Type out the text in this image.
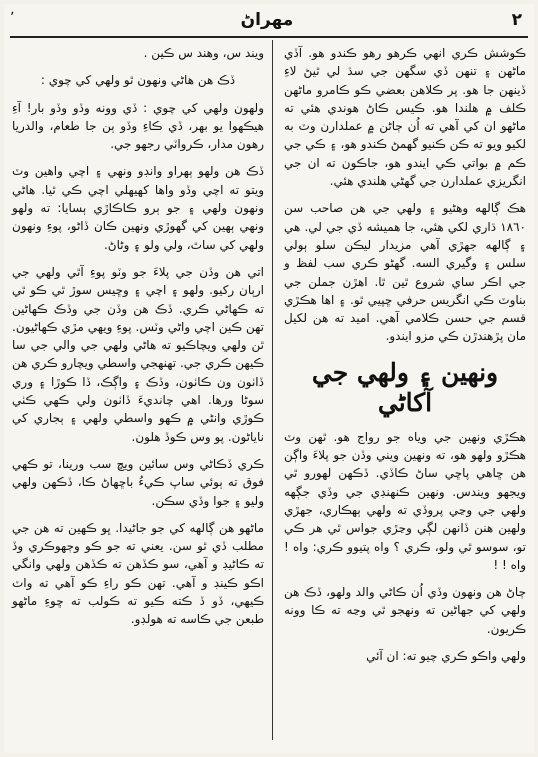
٬	مهراڻ	٢

ڪوشش ڪري انهي ڪرهو رهو ڪندو هو. آڏي ماڻهن ۽ تنهن ڏي سگهن جي سڌ لي ٿيڻ لاءِ ڏينهن جا هو. پر ڪلاهن بعضي ڪو ڪامرو ماڻهن ڪلف ۾ هلندا هو. ڪيس ڪاڻ هوندي هئي ته ماڻهو ان کي آهي ته اُن ڄاڻن ۾ عملدارن وٽ به لکيو ويو ته ڪن ڪنيو گهمڻ ڪندو هو، ۽ ڪي جي ڪم ۾ بواتي ڪي ايندو هو، جاڪون ته ان جي انگريزي عملدارن جي گهڻي هلندي هئي.

هڪ ڳالهه وهڻيو ۽ ولهي جي هن صاحب سن ١٨٦٠ ڌاري لکي هئي، جا هميشه ڏي جي لي. هي ۽ ڳالهه جهڙي آهي مزيدار ليڪن سلو ٻولي سلس ۽ وگيري السه. گهڻو ڪري سب لفظ و جي اڪر ساي شروع ٿين ٿا. اهڙن جملن جي بناوٽ ڪي انگريس حرفي ڇپيي ٿو. ۽ اها هڪڙي قسم جي حسن ڪلامي آهي. اميد ته هن لکيل مان پڙهندڙن ڪي مزو ايندو.

ونهين ۽ ولهي جي آکاڻي

هڪڙي ونهين جي وياه جو رواج هو. ٿهن وٽ هڪڙو ولهو هو، ته ونهين ويني وڏن جو پلاءَ واڳن هن ڇاهي پاڇي ساڻ ڪاڏي. ڏڪهن لهورو ٿي ويجهو ويندس. ونهين ڪنهنڊي جي وڏي جڳهه ولهي جي وڃي پروڏي ته ولهي ٻهڪاري، جهڙي ولهين هنن ڏانهن لڳي وڃڙي جواس ٿي هر ڪي تو، سوسو ٿي ولو، ڪري ؟ واه پتيوو ڪري: واه ! واه ! !

ڄاڻ هن ونهون وڏي اُن ڪاڻي والد ولهو، ڏڪ هن ولهي کي جهاڻين ته ونهجو ٿي وڃه ته ڪا وونه ڪريون.

ولهي واڪو ڪري چيو ته: ان آئي

ويند س، وهند س ڪين .

ڏڪ هن هاڻي ونهون ٿو ولهي کي چوي :

ولهون ولهي کي چوي : ڏي وونه وڏو وڏو بار! آءِ هيڪهوا يو بهر، ڏي ڪاءِ وڏو ٻن جا طعام، والدريا رهون مدار، ڪرواٽي رجهو جي.

ڏڪ هن ولهو ٻهراو وانڊو ونهي ۽ اچي واهين وٽ ويتو ته اچي وڏو واها کهيهلي اچي ڪي ٿيا. هاڻي ونهون ولهي ۽ جو ٻرو ڪاڪاڙي ٻسايا: ته ولهو ونهي ٻهين کي گهوڙي ونهين ڪان ڏاڻو، پوءِ ونهون ولهي کي ساٿ، ولي ولو ۽ وڻاڻ.

اتي هن وڏن جي پلاءَ جو وٽو پوءِ آٿي ولهي جي ارٻان رکيو. ولهو ۽ اچي ۽ وڇيس سوڙ ٿي ڪو ٿي ته ڪهاڻي ڪري. ڏڪ هن وڏن جي وڏڪ ڪهاڻين تهن ڪين اچي واڻي وٽس. پوءِ ويهي مڙي ڪهاڻيون. ٿن ولهي ويچاڪيو ته هاڻي ولهي جي والي جي سا ڪيهن ڪري جي. تهنهجي واسطي ويچارو ڪري هن ڏاٺون ون ڪاٺون، وڏڪ ۽ واڳڪ، ڏا ڪوڙا ۽ وري سوڻا ورها. اهي چانديءَ ڏاٺون ولي ڪهي ڪٺي ڪوڙي وانڻي ۾ ڪهو واسطي ولهي ۽ ٻجاري کي ناياڻون. پو وس ڪوڏ هلون.

ڪري ڏڪاڻي وس سائين ويڇ سب ورينا، تو ڪهي فوق ته ٻوئي ساپ ڪيءُ باڇهاڻ ڪا، ڏڪهن ولهي وليو ۽ جوا وڏي سڪن.

ماڻهو هن ڳالهه کي جو جاڻيدا. ڀو ڪهين ته هن جي مطلب ڏي ٿو سن. يعني ته جو ڪو وڄهوڪري وڏ ته ڪاڻيڊ و آهي، سو ڪڏهن ته ڪڏهن ولهي وانگي اڪو ڪينڊ و آهي. تهن ڪو راءِ ڪو آهي ته واٽ ڪيهي، ڏو ڏ ڪته ڪيو ته ڪولب ته ڇوءِ ماڻهو طبعن جي ڪاسه ته هولڊو.
